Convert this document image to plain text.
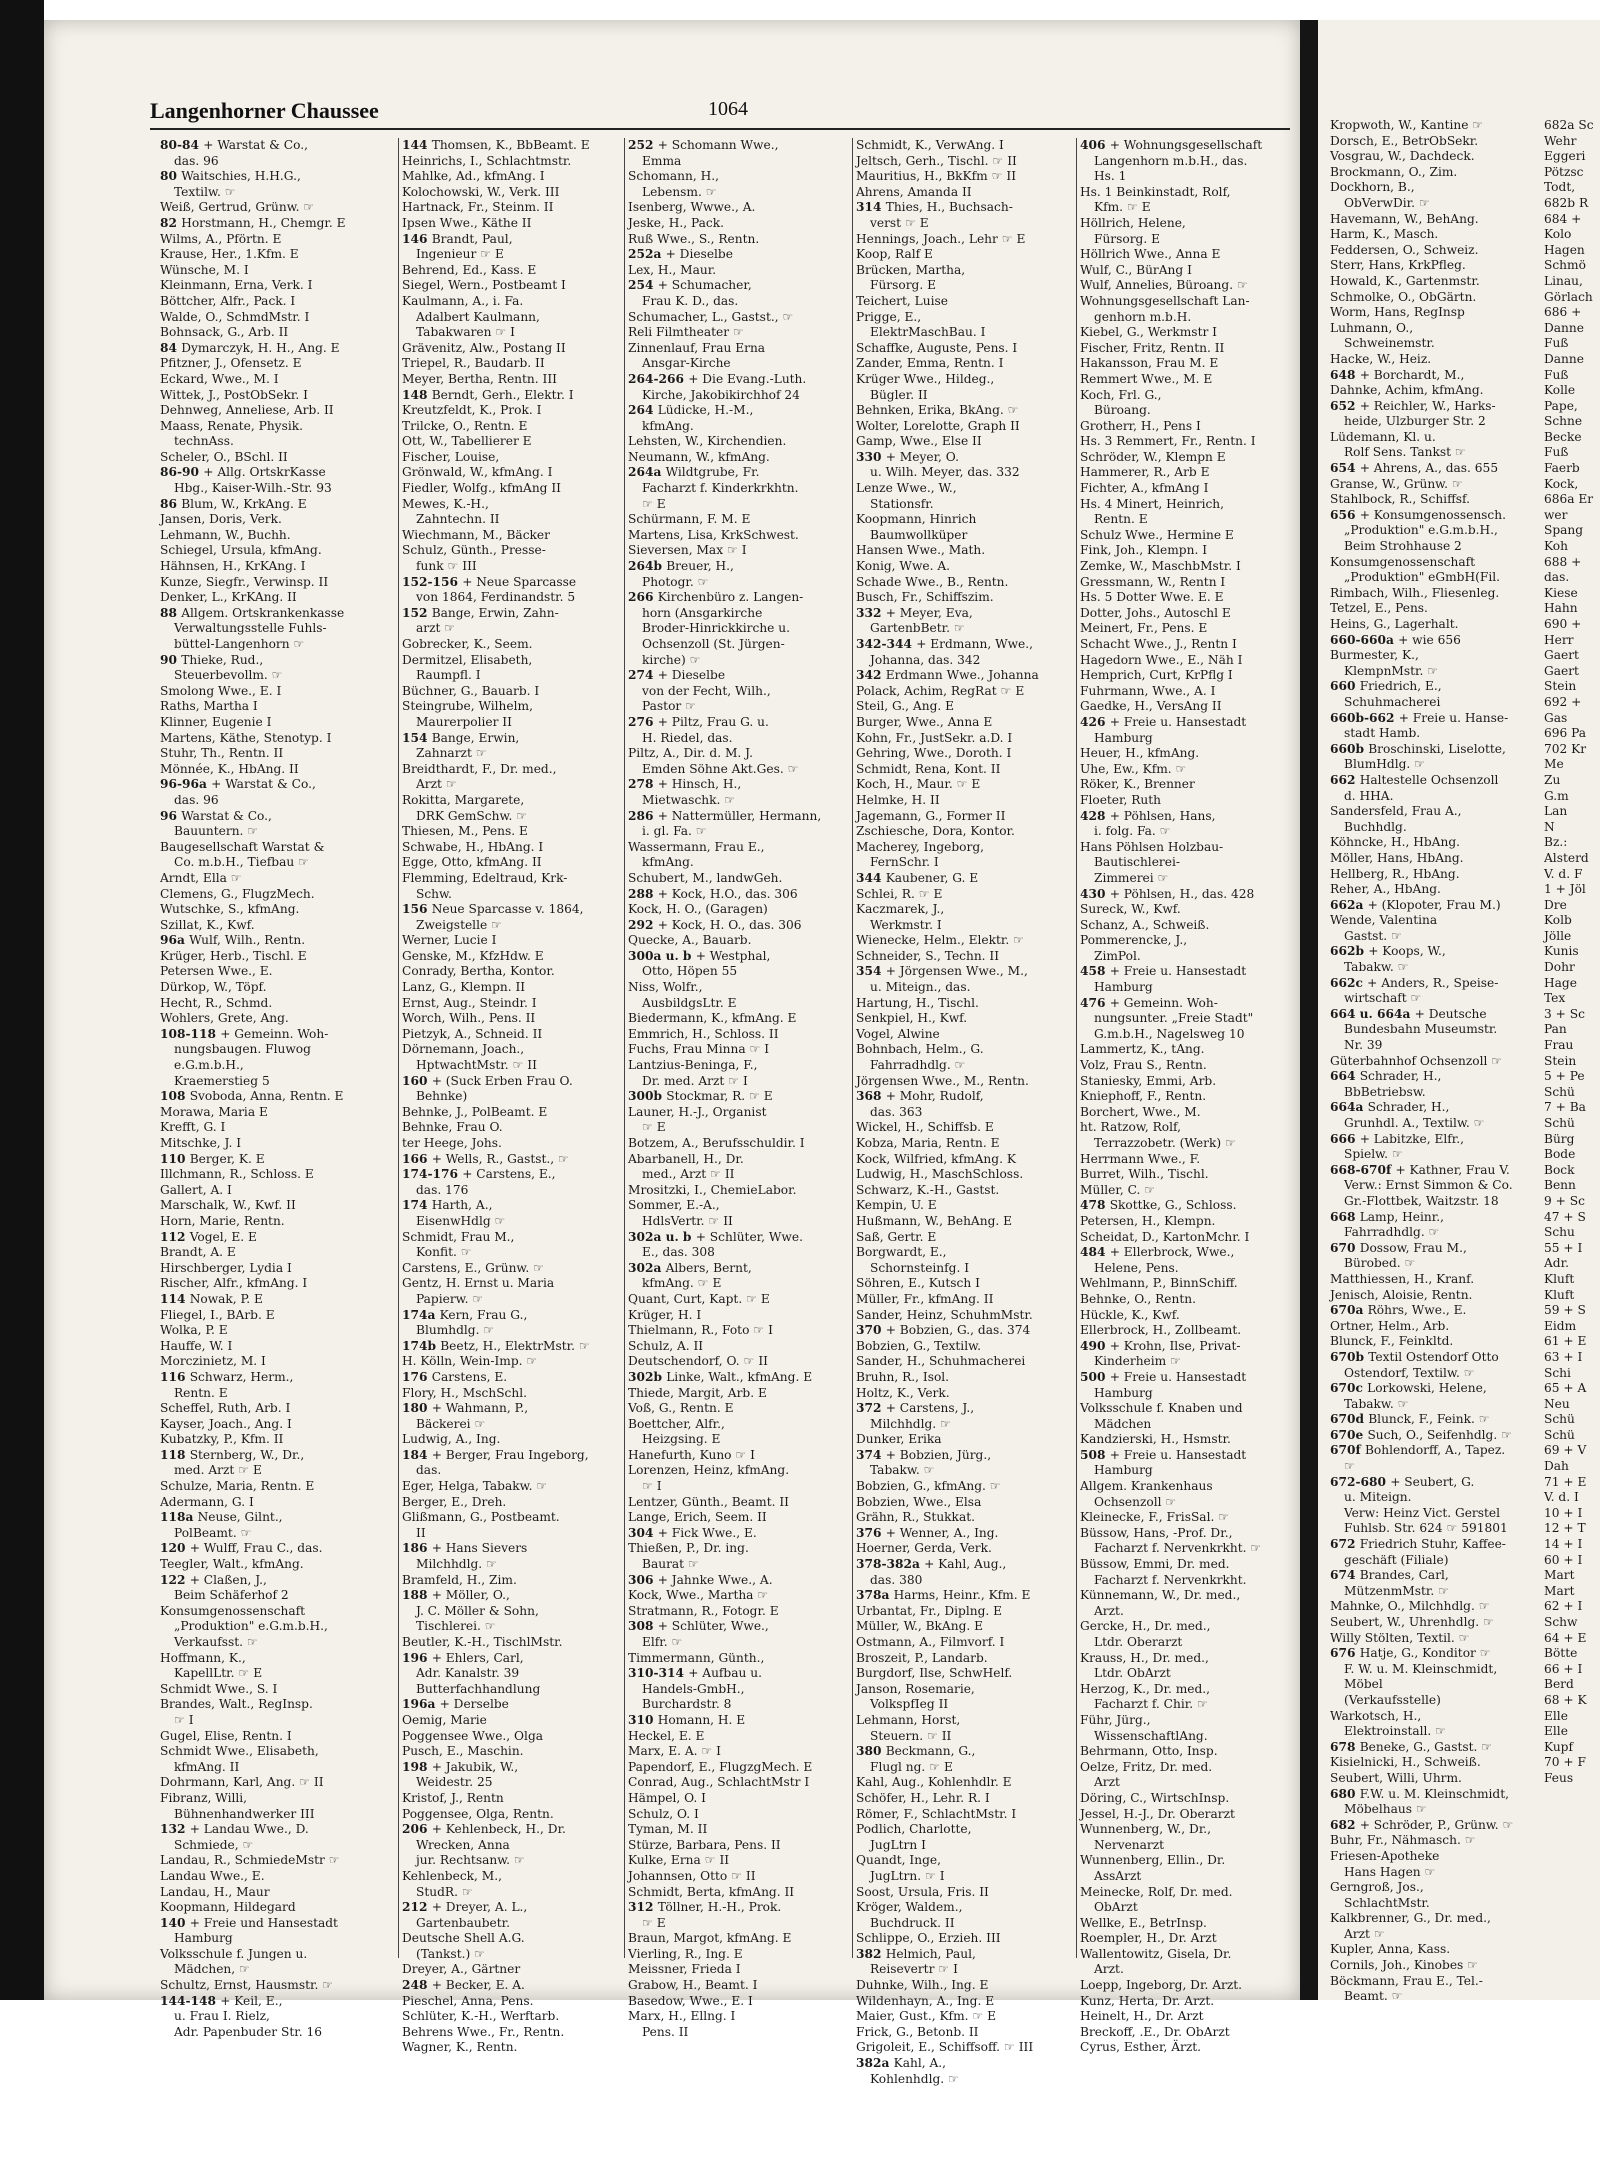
Langenhorner Chaussee	1064
80-84 + Warstat & Co.,
das. 96
80 Waitschies, H.H.G.,
Textilw. ☞
Weiß, Gertrud, Grünw. ☞
82 Horstmann, H., Chemgr. E
Wilms, A., Pförtn. E
Krause, Her., 1.Kfm. E
Wünsche, M. I
Kleinmann, Erna, Verk. I
Böttcher, Alfr., Pack. I
Walde, O., SchmdMstr. I
Bohnsack, G., Arb. II
84 Dymarczyk, H. H., Ang. E
Pfitzner, J., Ofensetz. E
Eckard, Wwe., M. I
Wittek, J., PostObSekr. I
Dehnweg, Anneliese, Arb. II
Maass, Renate, Physik.
technAss.
Scheler, O., BSchl. II
86-90 + Allg. OrtskrKasse
Hbg., Kaiser-Wilh.-Str. 93
86 Blum, W., KrkAng. E
Jansen, Doris, Verk.
Lehmann, W., Buchh.
Schiegel, Ursula, kfmAng.
Hähnsen, H., KrKAng. I
Kunze, Siegfr., Verwinsp. II
Denker, L., KrKAng. II
88 Allgem. Ortskrankenkasse
Verwaltungsstelle Fuhls-
büttel-Langenhorn ☞
90 Thieke, Rud.,
Steuerbevollm. ☞
Smolong Wwe., E. I
Raths, Martha I
Klinner, Eugenie I
Martens, Käthe, Stenotyp. I
Stuhr, Th., Rentn. II
Mönnée, K., HbAng. II
96-96a + Warstat & Co.,
das. 96
96 Warstat & Co.,
Bauuntern. ☞
Baugesellschaft Warstat &
Co. m.b.H., Tiefbau ☞
Arndt, Ella ☞
Clemens, G., FlugzMech.
Wutschke, S., kfmAng.
Szillat, K., Kwf.
96a Wulf, Wilh., Rentn.
Krüger, Herb., Tischl. E
Petersen Wwe., E.
Dürkop, W., Töpf.
Hecht, R., Schmd.
Wohlers, Grete, Ang.
108-118 + Gemeinn. Woh-
nungsbaugen. Fluwog
e.G.m.b.H.,
Kraemerstieg 5
108 Svoboda, Anna, Rentn. E
Morawa, Maria E
Krefft, G. I
Mitschke, J. I
110 Berger, K. E
Illchmann, R., Schloss. E
Gallert, A. I
Marschalk, W., Kwf. II
Horn, Marie, Rentn.
112 Vogel, E. E
Brandt, A. E
Hirschberger, Lydia I
Rischer, Alfr., kfmAng. I
114 Nowak, P. E
Fliegel, I., BArb. E
Wolka, P. E
Hauffe, W. I
Morczinietz, M. I
116 Schwarz, Herm.,
Rentn. E
Scheffel, Ruth, Arb. I
Kayser, Joach., Ang. I
Kubatzky, P., Kfm. II
118 Sternberg, W., Dr.,
med. Arzt ☞ E
Schulze, Maria, Rentn. E
Adermann, G. I
118a Neuse, Gilnt.,
PolBeamt. ☞
120 + Wulff, Frau C., das.
Teegler, Walt., kfmAng.
122 + Claßen, J.,
Beim Schäferhof 2
Konsumgenossenschaft
„Produktion" e.G.m.b.H.,
Verkaufsst. ☞
Hoffmann, K.,
KapellLtr. ☞ E
Schmidt Wwe., S. I
Brandes, Walt., RegInsp.
☞ I
Gugel, Elise, Rentn. I
Schmidt Wwe., Elisabeth,
kfmAng. II
Dohrmann, Karl, Ang. ☞ II
Fibranz, Willi,
Bühnenhandwerker III
132 + Landau Wwe., D.
Schmiede, ☞
Landau, R., SchmiedeMstr ☞
Landau Wwe., E.
Landau, H., Maur
Koopmann, Hildegard
140 + Freie und Hansestadt
Hamburg
Volksschule f. Jungen u.
Mädchen, ☞
Schultz, Ernst, Hausmstr. ☞
144-148 + Keil, E.,
u. Frau I. Rielz,
Adr. Papenbuder Str. 16
144 Thomsen, K., BbBeamt. E
Heinrichs, I., Schlachtmstr.
Mahlke, Ad., kfmAng. I
Kolochowski, W., Verk. III
Hartnack, Fr., Steinm. II
Ipsen Wwe., Käthe II
146 Brandt, Paul,
Ingenieur ☞ E
Behrend, Ed., Kass. E
Siegel, Wern., Postbeamt I
Kaulmann, A., i. Fa.
Adalbert Kaulmann,
Tabakwaren ☞ I
Grävenitz, Alw., Postang II
Triepel, R., Baudarb. II
Meyer, Bertha, Rentn. III
148 Berndt, Gerh., Elektr. I
Kreutzfeldt, K., Prok. I
Trilcke, O., Rentn. E
Ott, W., Tabellierer E
Fischer, Louise,
Grönwald, W., kfmAng. I
Fiedler, Wolfg., kfmAng II
Mewes, K.-H.,
Zahntechn. II
Wiechmann, M., Bäcker
Schulz, Günth., Presse-
funk ☞ III
152-156 + Neue Sparcasse
von 1864, Ferdinandstr. 5
152 Bange, Erwin, Zahn-
arzt ☞
Gobrecker, K., Seem.
Dermitzel, Elisabeth,
Raumpfl. I
Büchner, G., Bauarb. I
Steingrube, Wilhelm,
Maurerpolier II
154 Bange, Erwin,
Zahnarzt ☞
Breidthardt, F., Dr. med.,
Arzt ☞
Rokitta, Margarete,
DRK GemSchw. ☞
Thiesen, M., Pens. E
Schwabe, H., HbAng. I
Egge, Otto, kfmAng. II
Flemming, Edeltraud, Krk-
Schw.
156 Neue Sparcasse v. 1864,
Zweigstelle ☞
Werner, Lucie I
Genske, M., KfzHdw. E
Conrady, Bertha, Kontor.
Lanz, G., Klempn. II
Ernst, Aug., Steindr. I
Worch, Wilh., Pens. II
Pietzyk, A., Schneid. II
Dörnemann, Joach.,
HptwachtMstr. ☞ II
160 + (Suck Erben Frau O.
Behnke)
Behnke, J., PolBeamt. E
Behnke, Frau O.
ter Heege, Johs.
166 + Wells, R., Gastst., ☞
174-176 + Carstens, E.,
das. 176
174 Harth, A.,
EisenwHdlg ☞
Schmidt, Frau M.,
Konfit. ☞
Carstens, E., Grünw. ☞
Gentz, H. Ernst u. Maria
Papierw. ☞
174a Kern, Frau G.,
Blumhdlg. ☞
174b Beetz, H., ElektrMstr. ☞
H. Kölln, Wein-Imp. ☞
176 Carstens, E.
Flory, H., MschSchl.
180 + Wahmann, P.,
Bäckerei ☞
Ludwig, A., Ing.
184 + Berger, Frau Ingeborg,
das.
Eger, Helga, Tabakw. ☞
Berger, E., Dreh.
Glißmann, G., Postbeamt.
II
186 + Hans Sievers
Milchhdlg. ☞
Bramfeld, H., Zim.
188 + Möller, O.,
J. C. Möller & Sohn,
Tischlerei. ☞
Beutler, K.-H., TischlMstr.
196 + Ehlers, Carl,
Adr. Kanalstr. 39
Butterfachhandlung
196a + Derselbe
Oemig, Marie
Poggensee Wwe., Olga
Pusch, E., Maschin.
198 + Jakubik, W.,
Weidestr. 25
Kristof, J., Rentn
Poggensee, Olga, Rentn.
206 + Kehlenbeck, H., Dr.
Wrecken, Anna
jur. Rechtsanw. ☞
Kehlenbeck, M.,
StudR. ☞
212 + Dreyer, A. L.,
Gartenbaubetr.
Deutsche Shell A.G.
(Tankst.) ☞
Dreyer, A., Gärtner
248 + Becker, E. A.
Pieschel, Anna, Pens.
Schlüter, K.-H., Werftarb.
Behrens Wwe., Fr., Rentn.
Wagner, K., Rentn.
252 + Schomann Wwe.,
Emma
Schomann, H.,
Lebensm. ☞
Isenberg, Wwwe., A.
Jeske, H., Pack.
Ruß Wwe., S., Rentn.
252a + Dieselbe
Lex, H., Maur.
254 + Schumacher,
Frau K. D., das.
Schumacher, L., Gastst., ☞
Reli Filmtheater ☞
Zinnenlauf, Frau Erna
Ansgar-Kirche
264-266 + Die Evang.-Luth.
Kirche, Jakobikirchhof 24
264 Lüdicke, H.-M.,
kfmAng.
Lehsten, W., Kirchendien.
Neumann, W., kfmAng.
264a Wildtgrube, Fr.
Facharzt f. Kinderkrkhtn.
☞ E
Schürmann, F. M. E
Martens, Lisa, KrkSchwest.
Sieversen, Max ☞ I
264b Breuer, H.,
Photogr. ☞
266 Kirchenbüro z. Langen-
horn (Ansgarkirche
Broder-Hinrickkirche u.
Ochsenzoll (St. Jürgen-
kirche) ☞
274 + Dieselbe
von der Fecht, Wilh.,
Pastor ☞
276 + Piltz, Frau G. u.
H. Riedel, das.
Piltz, A., Dir. d. M. J.
Emden Söhne Akt.Ges. ☞
278 + Hinsch, H.,
Mietwaschk. ☞
286 + Nattermüller, Hermann,
i. gl. Fa. ☞
Wassermann, Frau E.,
kfmAng.
Schubert, M., landwGeh.
288 + Kock, H.O., das. 306
Kock, H. O., (Garagen)
292 + Kock, H. O., das. 306
Quecke, A., Bauarb.
300a u. b + Westphal,
Otto, Höpen 55
Niss, Wolfr.,
AusbildgsLtr. E
Biedermann, K., kfmAng. E
Emmrich, H., Schloss. II
Fuchs, Frau Minna ☞ I
Lantzius-Beninga, F.,
Dr. med. Arzt ☞ I
300b Stockmar, R. ☞ E
Launer, H.-J., Organist
☞ E
Botzem, A., Berufsschuldir. I
Abarbanell, H., Dr.
med., Arzt ☞ II
Mrositzki, I., ChemieLabor.
Sommer, E.-A.,
HdlsVertr. ☞ II
302a u. b + Schlüter, Wwe.
E., das. 308
302a Albers, Bernt,
kfmAng. ☞ E
Quant, Curt, Kapt. ☞ E
Krüger, H. I
Thielmann, R., Foto ☞ I
Schulz, A. II
Deutschendorf, O. ☞ II
302b Linke, Walt., kfmAng. E
Thiede, Margit, Arb. E
Voß, G., Rentn. E
Boettcher, Alfr.,
Heizgsing. E
Hanefurth, Kuno ☞ I
Lorenzen, Heinz, kfmAng.
☞ I
Lentzer, Günth., Beamt. II
Lange, Erich, Seem. II
304 + Fick Wwe., E.
Thießen, P., Dr. ing.
Baurat ☞
306 + Jahnke Wwe., A.
Kock, Wwe., Martha ☞
Stratmann, R., Fotogr. E
308 + Schlüter, Wwe.,
Elfr. ☞
Timmermann, Günth.,
310-314 + Aufbau u.
Handels-GmbH.,
Burchardstr. 8
310 Homann, H. E
Heckel, E. E
Marx, E. A. ☞ I
Papendorf, E., FlugzgMech. E
Conrad, Aug., SchlachtMstr I
Hämpel, O. I
Schulz, O. I
Tyman, M. II
Stürze, Barbara, Pens. II
Kulke, Erna ☞ II
Johannsen, Otto ☞ II
Schmidt, Berta, kfmAng. II
312 Töllner, H.-H., Prok.
☞ E
Braun, Margot, kfmAng. E
Vierling, R., Ing. E
Meissner, Frieda I
Grabow, H., Beamt. I
Basedow, Wwe., E. I
Marx, H., Ellng. I
Pens. II
Schmidt, K., VerwAng. I
Jeltsch, Gerh., Tischl. ☞ II
Mauritius, H., BkKfm ☞ II
Ahrens, Amanda II
314 Thies, H., Buchsach-
verst ☞ E
Hennings, Joach., Lehr ☞ E
Koop, Ralf E
Brücken, Martha,
Fürsorg. E
Teichert, Luise
Prigge, E.,
ElektrMaschBau. I
Schaffke, Auguste, Pens. I
Zander, Emma, Rentn. I
Krüger Wwe., Hildeg.,
Bügler. II
Behnken, Erika, BkAng. ☞
Wolter, Lorelotte, Graph II
Gamp, Wwe., Else II
330 + Meyer, O.
u. Wilh. Meyer, das. 332
Lenze Wwe., W.,
Stationsfr.
Koopmann, Hinrich
Baumwollküper
Hansen Wwe., Math.
Konig, Wwe. A.
Schade Wwe., B., Rentn.
Busch, Fr., Schiffszim.
332 + Meyer, Eva,
GartenbBetr. ☞
342-344 + Erdmann, Wwe.,
Johanna, das. 342
342 Erdmann Wwe., Johanna
Polack, Achim, RegRat ☞ E
Steil, G., Ang. E
Burger, Wwe., Anna E
Kohn, Fr., JustSekr. a.D. I
Gehring, Wwe., Doroth. I
Schmidt, Rena, Kont. II
Koch, H., Maur. ☞ E
Helmke, H. II
Jagemann, G., Former II
Zschiesche, Dora, Kontor.
Macherey, Ingeborg,
FernSchr. I
344 Kaubener, G. E
Schlei, R. ☞ E
Kaczmarek, J.,
Werkmstr. I
Wienecke, Helm., Elektr. ☞
Schneider, S., Techn. II
354 + Jörgensen Wwe., M.,
u. Miteign., das.
Hartung, H., Tischl.
Senkpiel, H., Kwf.
Vogel, Alwine
Bohnbach, Helm., G.
Fahrradhdlg. ☞
Jörgensen Wwe., M., Rentn.
368 + Mohr, Rudolf,
das. 363
Wickel, H., Schiffsb. E
Kobza, Maria, Rentn. E
Kock, Wilfried, kfmAng. K
Ludwig, H., MaschSchloss.
Schwarz, K.-H., Gastst.
Kempin, U. E
Hußmann, W., BehAng. E
Saß, Gertr. E
Borgwardt, E.,
Schornsteinfg. I
Söhren, E., Kutsch I
Müller, Fr., kfmAng. II
Sander, Heinz, SchuhmMstr.
370 + Bobzien, G., das. 374
Bobzien, G., Textilw.
Sander, H., Schuhmacherei
Bruhn, R., Isol.
Holtz, K., Verk.
372 + Carstens, J.,
Milchhdlg. ☞
Dunker, Erika
374 + Bobzien, Jürg.,
Tabakw. ☞
Bobzien, G., kfmAng. ☞
Bobzien, Wwe., Elsa
Grähn, R., Stukkat.
376 + Wenner, A., Ing.
Hoerner, Gerda, Verk.
378-382a + Kahl, Aug.,
das. 380
378a Harms, Heinr., Kfm. E
Urbantat, Fr., Diplng. E
Müller, W., BkAng. E
Ostmann, A., Filmvorf. I
Broszeit, P., Landarb.
Burgdorf, Ilse, SchwHelf.
Janson, Rosemarie,
VolkspfIeg II
Lehmann, Horst,
Steuern. ☞ II
380 Beckmann, G.,
Flugl ng. ☞ E
Kahl, Aug., Kohlenhdlr. E
Schöfer, H., Lehr. R. I
Römer, F., SchlachtMstr. I
Podlich, Charlotte,
JugLtrn I
Quandt, Inge,
JugLtrn. ☞ I
Soost, Ursula, Fris. II
Kröger, Waldem.,
Buchdruck. II
Schlippe, O., Erzieh. III
382 Helmich, Paul,
Reisevertr ☞ I
Duhnke, Wilh., Ing. E
Wildenhayn, A., Ing. E
Maier, Gust., Kfm. ☞ E
Frick, G., Betonb. II
Grigoleit, E., Schiffsoff. ☞ III
382a Kahl, A.,
Kohlenhdlg. ☞
406 + Wohnungsgesellschaft
Langenhorn m.b.H., das.
Hs. 1
Hs. 1 Beinkinstadt, Rolf,
Kfm. ☞ E
Höllrich, Helene,
Fürsorg. E
Höllrich Wwe., Anna E
Wulf, C., BürAng I
Wulf, Annelies, Büroang. ☞
Wohnungsgesellschaft Lan-
genhorn m.b.H.
Kiebel, G., Werkmstr I
Fischer, Fritz, Rentn. II
Hakansson, Frau M. E
Remmert Wwe., M. E
Koch, Frl. G.,
Büroang.
Grotherr, H., Pens I
Hs. 3 Remmert, Fr., Rentn. I
Schröder, W., Klempn E
Hammerer, R., Arb E
Fichter, A., kfmAng I
Hs. 4 Minert, Heinrich,
Rentn. E
Schulz Wwe., Hermine E
Fink, Joh., Klempn. I
Zemke, W., MaschbMstr. I
Gressmann, W., Rentn I
Hs. 5 Dotter Wwe. E. E
Dotter, Johs., Autoschl E
Meinert, Fr., Pens. E
Schacht Wwe., J., Rentn I
Hagedorn Wwe., E., Näh I
Hemprich, Curt, KrPflg I
Fuhrmann, Wwe., A. I
Gaedke, H., VersAng II
426 + Freie u. Hansestadt
Hamburg
Heuer, H., kfmAng.
Uhe, Ew., Kfm. ☞
Röker, K., Brenner
Floeter, Ruth
428 + Pöhlsen, Hans,
i. folg. Fa. ☞
Hans Pöhlsen Holzbau-
Bautischlerei-
Zimmerei ☞
430 + Pöhlsen, H., das. 428
Sureck, W., Kwf.
Schanz, A., Schweiß.
Pommerencke, J.,
ZimPol.
458 + Freie u. Hansestadt
Hamburg
476 + Gemeinn. Woh-
nungsunter. „Freie Stadt"
G.m.b.H., Nagelsweg 10
Lammertz, K., tAng.
Volz, Frau S., Rentn.
Staniesky, Emmi, Arb.
Kniephoff, F., Rentn.
Borchert, Wwe., M.
ht. Ratzow, Rolf,
Terrazzobetr. (Werk) ☞
Herrmann Wwe., F.
Burret, Wilh., Tischl.
Müller, C. ☞
478 Skottke, G., Schloss.
Petersen, H., Klempn.
Scheidat, D., KartonMchr. I
484 + Ellerbrock, Wwe.,
Helene, Pens.
Wehlmann, P., BinnSchiff.
Behnke, O., Rentn.
Hückle, K., Kwf.
Ellerbrock, H., Zollbeamt.
490 + Krohn, Ilse, Privat-
Kinderheim ☞
500 + Freie u. Hansestadt
Hamburg
Volksschule f. Knaben und
Mädchen
Kandzierski, H., Hsmstr.
508 + Freie u. Hansestadt
Hamburg
Allgem. Krankenhaus
Ochsenzoll ☞
Kleinecke, F., FrisSal. ☞
Büssow, Hans, -Prof. Dr.,
Facharzt f. Nervenkrkht. ☞
Büssow, Emmi, Dr. med.
Facharzt f. Nervenkrkht.
Künnemann, W., Dr. med.,
Arzt.
Gercke, H., Dr. med.,
Ltdr. Oberarzt
Krauss, H., Dr. med.,
Ltdr. ObArzt
Herzog, K., Dr. med.,
Facharzt f. Chir. ☞
Führ, Jürg.,
WissenschaftlAng.
Behrmann, Otto, Insp.
Oelze, Fritz, Dr. med.
Arzt
Döring, C., WirtschInsp.
Jessel, H.-J., Dr. Oberarzt
Wunnenberg, W., Dr.,
Nervenarzt
Wunnenberg, Ellin., Dr.
AssArzt
Meinecke, Rolf, Dr. med.
ObArzt
Wellke, E., BetrInsp.
Roempler, H., Dr. Arzt
Wallentowitz, Gisela, Dr.
Arzt.
Loepp, Ingeborg, Dr. Arzt.
Kunz, Herta, Dr. Arzt.
Heinelt, H., Dr. Arzt
Breckoff, .E., Dr. ObArzt
Cyrus, Esther, Ärzt.
Kropwoth, W., Kantine ☞
Dorsch, E., BetrObSekr.
Vosgrau, W., Dachdeck.
Brockmann, O., Zim.
Dockhorn, B.,
ObVerwDir. ☞
Havemann, W., BehAng.
Harm, K., Masch.
Feddersen, O., Schweiz.
Sterr, Hans, KrkPfleg.
Howald, K., Gartenmstr.
Schmolke, O., ObGärtn.
Worm, Hans, RegInsp
Luhmann, O.,
Schweinemstr.
Hacke, W., Heiz.
648 + Borchardt, M.,
Dahnke, Achim, kfmAng.
652 + Reichler, W., Harks-
heide, Ulzburger Str. 2
Lüdemann, Kl. u.
Rolf Sens. Tankst ☞
654 + Ahrens, A., das. 655
Granse, W., Grünw. ☞
Stahlbock, R., Schiffsf.
656 + Konsumgenossensch.
„Produktion" e.G.m.b.H.,
Beim Strohhause 2
Konsumgenossenschaft
„Produktion" eGmbH(Fil.
Rimbach, Wilh., Fliesenleg.
Tetzel, E., Pens.
Heins, G., Lagerhalt.
660-660a + wie 656
Burmester, K.,
KlempnMstr. ☞
660 Friedrich, E.,
Schuhmacherei
660b-662 + Freie u. Hanse-
stadt Hamb.
660b Broschinski, Liselotte,
BlumHdlg. ☞
662 Haltestelle Ochsenzoll
d. HHA.
Sandersfeld, Frau A.,
Buchhdlg.
Köhncke, H., HbAng.
Möller, Hans, HbAng.
Hellberg, R., HbAng.
Reher, A., HbAng.
662a + (Klopoter, Frau M.)
Wende, Valentina
Gastst. ☞
662b + Koops, W.,
Tabakw. ☞
662c + Anders, R., Speise-
wirtschaft ☞
664 u. 664a + Deutsche
Bundesbahn Museumstr.
Nr. 39
Güterbahnhof Ochsenzoll ☞
664 Schrader, H.,
BbBetriebsw.
664a Schrader, H.,
Grunhdl. A., Textilw. ☞
666 + Labitzke, Elfr.,
Spielw. ☞
668-670f + Kathner, Frau V.
Verw.: Ernst Simmon & Co.
Gr.-Flottbek, Waitzstr. 18
668 Lamp, Heinr.,
Fahrradhdlg. ☞
670 Dossow, Frau M.,
Bürobed. ☞
Matthiessen, H., Kranf.
Jenisch, Aloisie, Rentn.
670a Röhrs, Wwe., E.
Ortner, Helm., Arb.
Blunck, F., Feinkltd.
670b Textil Ostendorf Otto
Ostendorf, Textilw. ☞
670c Lorkowski, Helene,
Tabakw. ☞
670d Blunck, F., Feink. ☞
670e Such, O., Seifenhdlg. ☞
670f Bohlendorff, A., Tapez.
☞
672-680 + Seubert, G.
u. Miteign.
Verw: Heinz Vict. Gerstel
Fuhlsb. Str. 624 ☞ 591801
672 Friedrich Stuhr, Kaffee-
geschäft (Filiale)
674 Brandes, Carl,
MützenmMstr. ☞
Mahnke, O., Milchhdlg. ☞
Seubert, W., Uhrenhdlg. ☞
Willy Stölten, Textil. ☞
676 Hatje, G., Konditor ☞
F. W. u. M. Kleinschmidt,
Möbel
(Verkaufsstelle)
Warkotsch, H.,
Elektroinstall. ☞
678 Beneke, G., Gastst. ☞
Kisielnicki, H., Schweiß.
Seubert, Willi, Uhrm.
680 F.W. u. M. Kleinschmidt,
Möbelhaus ☞
682 + Schröder, P., Grünw. ☞
Buhr, Fr., Nähmasch. ☞
Friesen-Apotheke
Hans Hagen ☞
Gerngroß, Jos.,
SchlachtMstr.
Kalkbrenner, G., Dr. med.,
Arzt ☞
Kupler, Anna, Kass.
Cornils, Joh., Kinobes ☞
Böckmann, Frau E., Tel.-
Beamt. ☞
682a Sc
Wehr
Eggeri
Pötzsc
Todt,
682b R
684 +
Kolo
Hagen
Schmö
Linau,
Görlach
686 +
Danne
Fuß
Danne
Fuß
Kolle
Pape,
Schne
Becke
Fuß
Faerb
Kock,
686a Er
wer
Spang
Koh
688 +
das.
Kiese
Hahn
690 +
Herr
Gaert
Gaert
Stein
692 +
Gas
696 Pa
702 Kr
Me
Zu
G.m
Lan
N
Bz.:
Alsterd
V. d. F
1 + Jöl
Dre
Kolb
Jölle
Kunis
Dohr
Hage
Tex
3 + Sc
Pan
Frau
Stein
5 + Pe
Schü
7 + Ba
Schü
Bürg
Bode
Bock
Benn
9 + Sc
47 + S
Schu
55 + I
Adr.
Kluft
Kluft
59 + S
Eidm
61 + E
63 + I
Schi
65 + A
Neu
Schü
Schü
69 + V
Dah
71 + E
V. d. I
10 + I
12 + T
14 + I
60 + I
Mart
Mart
62 + I
Schw
64 + E
Bötte
66 + I
Berd
68 + K
Elle
Elle
Kupf
70 + F
Feus
